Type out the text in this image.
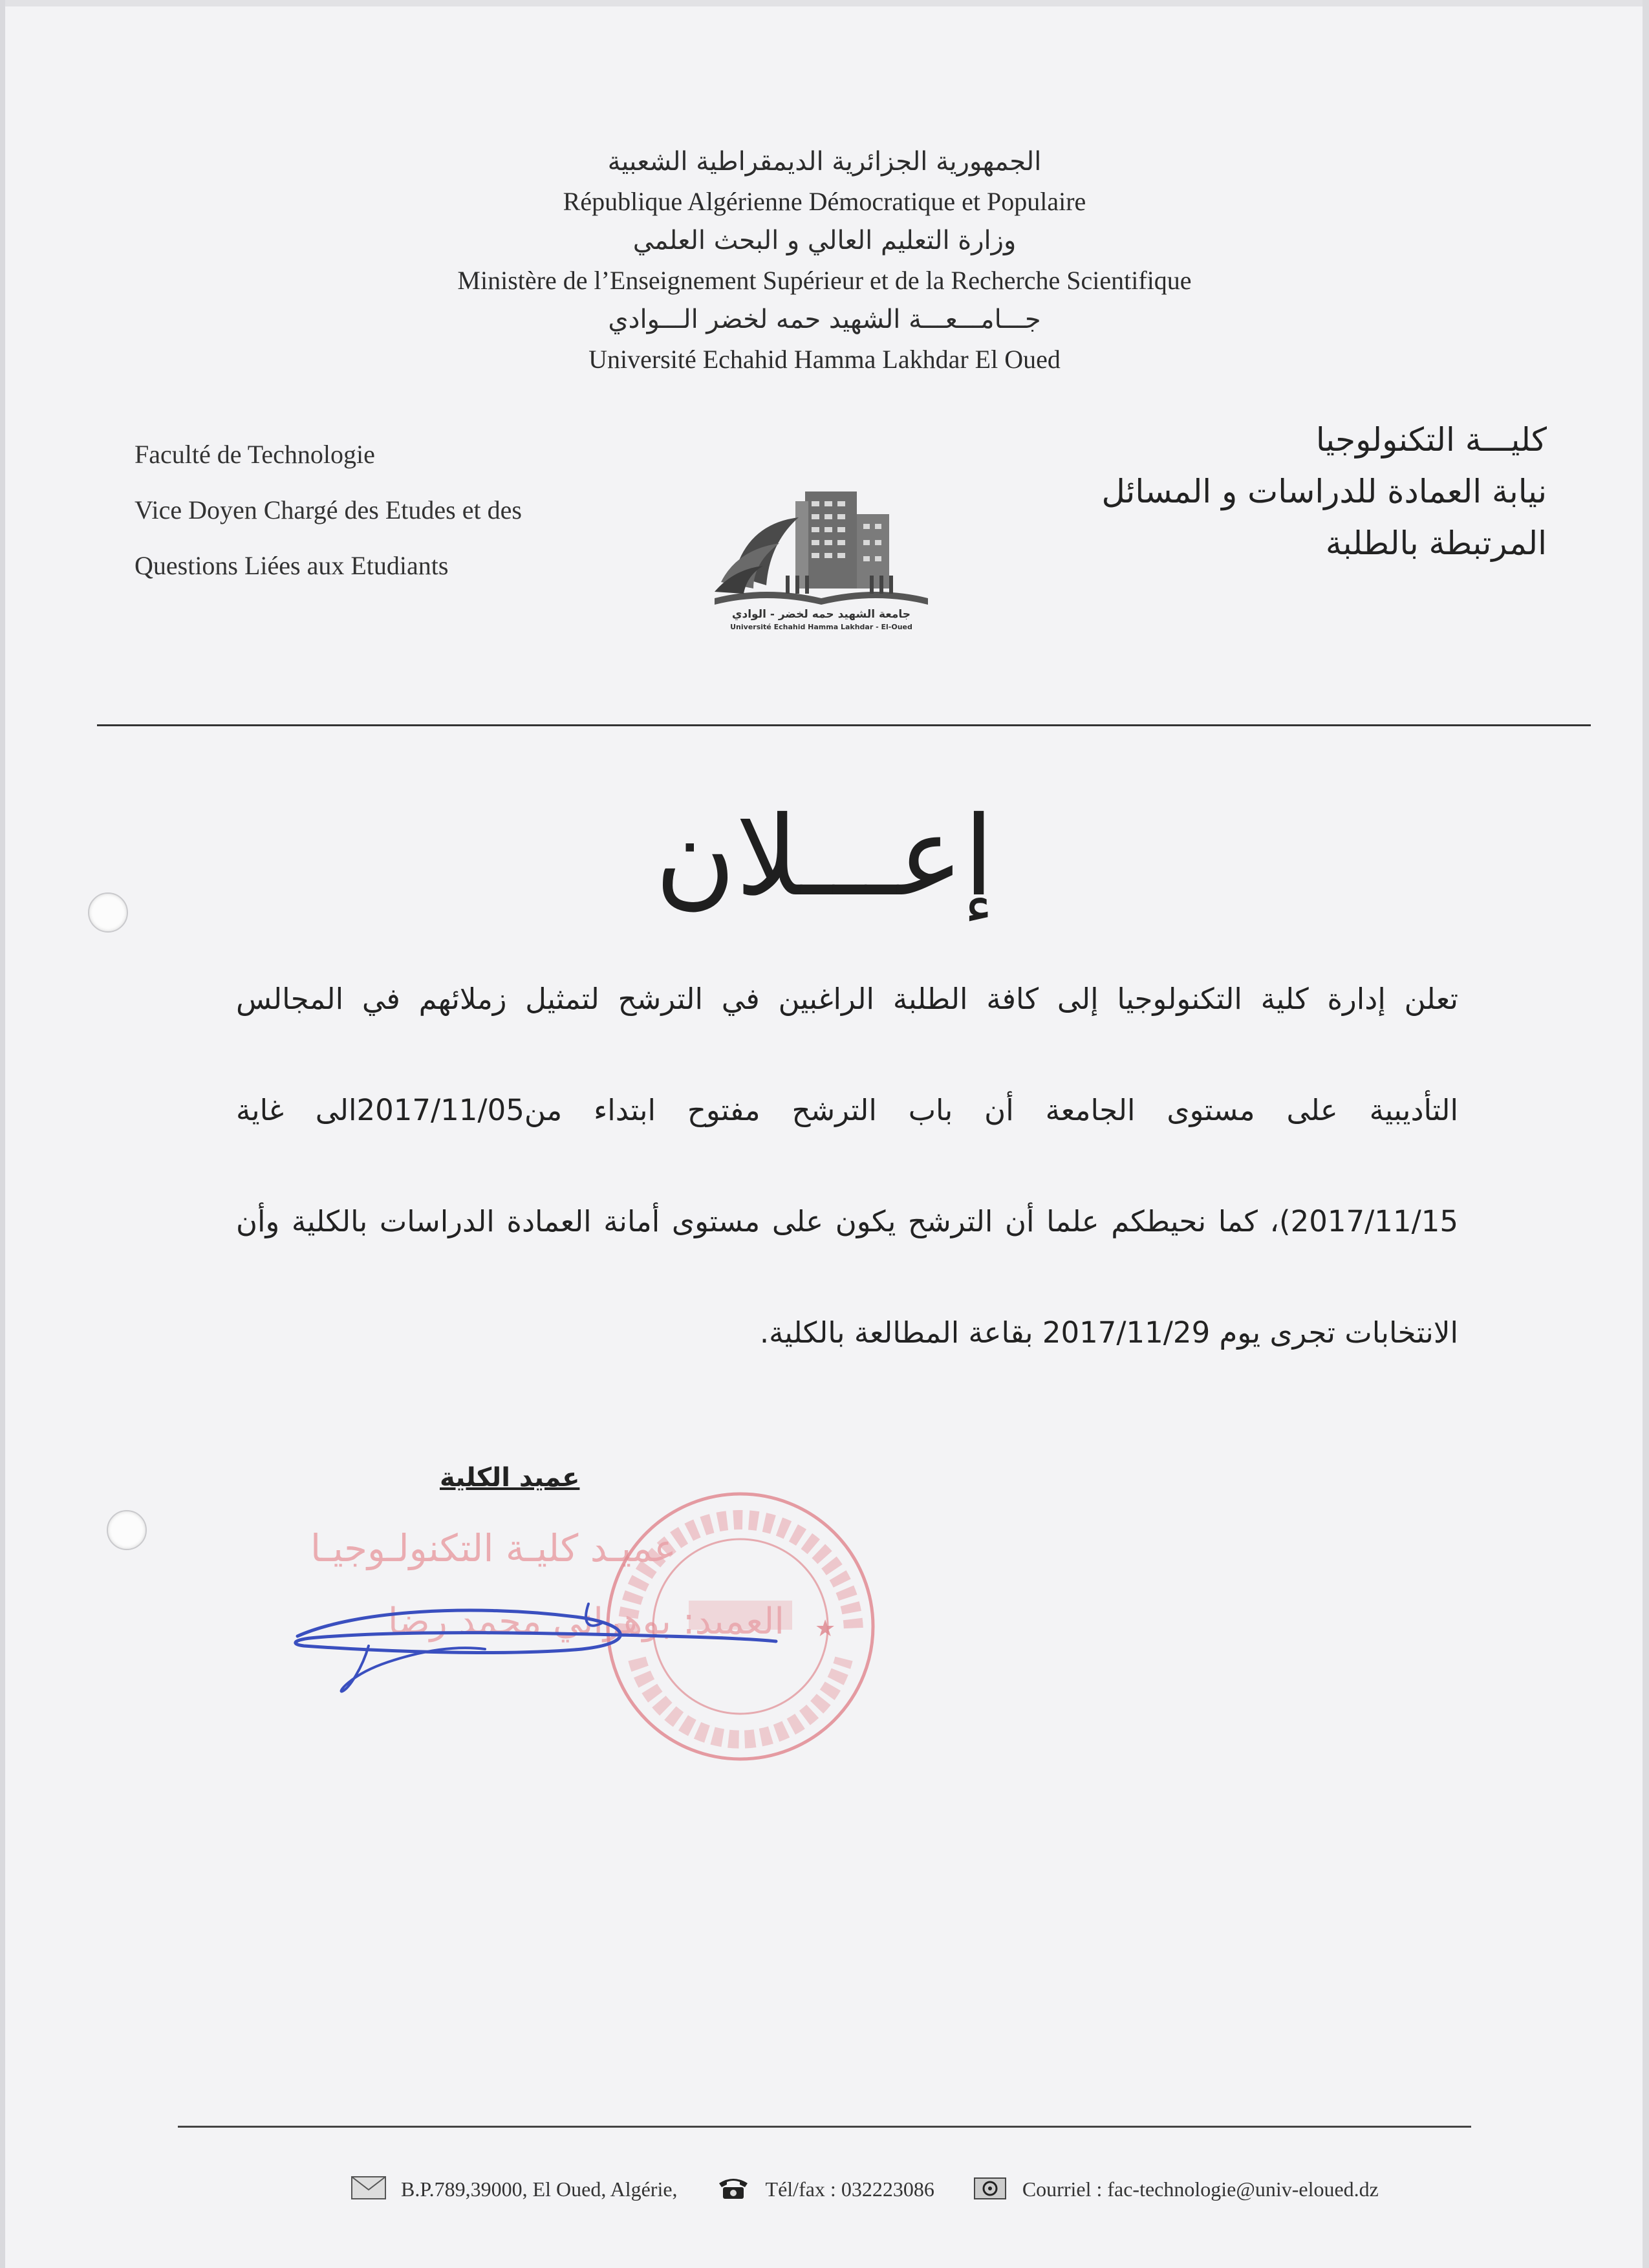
الجمهورية الجزائرية الديمقراطية الشعبية
République Algérienne Démocratique et Populaire
وزارة التعليم العالي و البحث العلمي
Ministère de l’Enseignement Supérieur et de la Recherche Scientifique
جـــامـــعـــة الشهيد حمه لخضر الـــوادي
Université Echahid Hamma Lakhdar El Oued
Faculté de Technologie
Vice Doyen Chargé des Etudes et des
Questions Liées aux Etudiants
كليـــة التكنولوجيا
نيابة العمادة للدراسات و المسائل
المرتبطة بالطلبة
جامعة الشهيد حمه لخضر - الوادي
Université Echahid Hamma Lakhdar - El-Oued
إعـــلان
تعلن إدارة كلية التكنولوجيا إلى كافة الطلبة الراغبين في الترشح لتمثيل زملائهم في المجالس
التأديبية على مستوى الجامعة أن باب الترشح مفتوح ابتداء من2017/11/05الى غاية
2017/11/15)، كما نحيطكم علما أن الترشح يكون على مستوى أمانة العمادة الدراسات بالكلية وأن
الانتخابات تجرى يوم 2017/11/29 بقاعة المطالعة بالكلية.
عميد الكلية
عميـد كليـة التكنولـوجيـا
العميد: بوهراني محمد رضا ★
B.P.789,39000, El Oued, Algérie,	Tél/fax : 032223086	Courriel : fac-technologie@univ-eloued.dz
